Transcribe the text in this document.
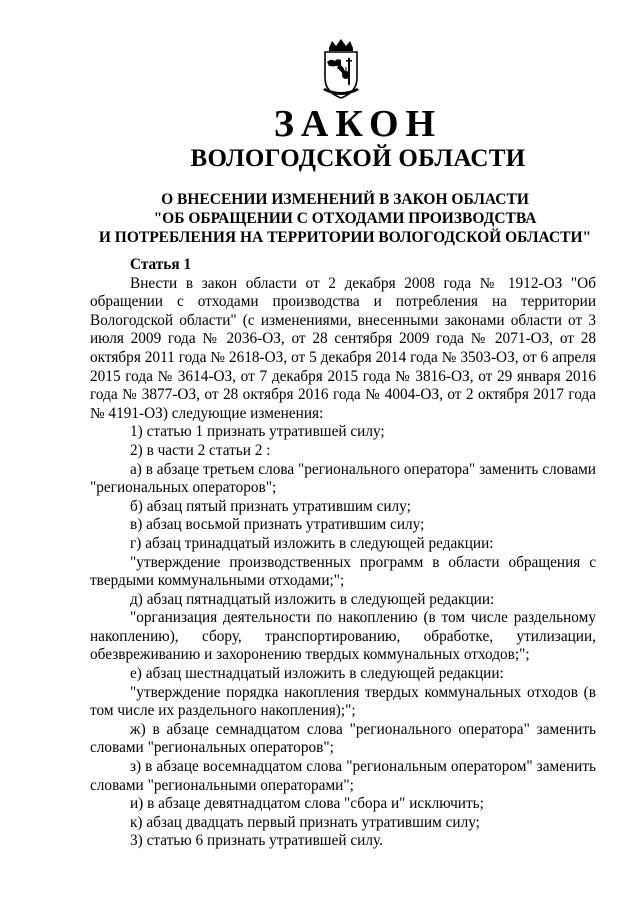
ЗАКОН
ВОЛОГОДСКОЙ ОБЛАСТИ
О ВНЕСЕНИИ ИЗМЕНЕНИЙ В ЗАКОН ОБЛАСТИ
"ОБ ОБРАЩЕНИИ С ОТХОДАМИ ПРОИЗВОДСТВА
И ПОТРЕБЛЕНИЯ НА ТЕРРИТОРИИ ВОЛОГОДСКОЙ ОБЛАСТИ"
Статья 1
Внести в закон области от 2 декабря 2008 года № 1912-ОЗ "Об обращении с отходами производства и потребления на территории Вологодской области" (с изменениями, внесенными законами области от 3 июля 2009 года № 2036-ОЗ, от 28 сентября 2009 года № 2071-ОЗ, от 28 октября 2011 года № 2618-ОЗ, от 5 декабря 2014 года № 3503-ОЗ, от 6 апреля 2015 года № 3614-ОЗ, от 7 декабря 2015 года № 3816-ОЗ, от 29 января 2016 года № 3877-ОЗ, от 28 октября 2016 года № 4004-ОЗ, от 2 октября 2017 года № 4191-ОЗ) следующие изменения:
1) статью 1 признать утратившей силу;
2) в части 2 статьи 2 :
а) в абзаце третьем слова "регионального оператора" заменить словами "региональных операторов";
б) абзац пятый признать утратившим силу;
в) абзац восьмой признать утратившим силу;
г) абзац тринадцатый изложить в следующей редакции:
"утверждение производственных программ в области обращения с твердыми коммунальными отходами;";
д) абзац пятнадцатый изложить в следующей редакции:
"организация деятельности по накоплению (в том числе раздельному накоплению), сбору, транспортированию, обработке, утилизации, обезвреживанию и захоронению твердых коммунальных отходов;";
е) абзац шестнадцатый изложить в следующей редакции:
"утверждение порядка накопления твердых коммунальных отходов (в том числе их раздельного накопления);";
ж) в абзаце семнадцатом слова "регионального оператора" заменить словами "региональных операторов";
з) в абзаце восемнадцатом слова "региональным оператором" заменить словами "региональными операторами";
и) в абзаце девятнадцатом слова "сбора и" исключить;
к) абзац двадцать первый признать утратившим силу;
3) статью 6 признать утратившей силу.
